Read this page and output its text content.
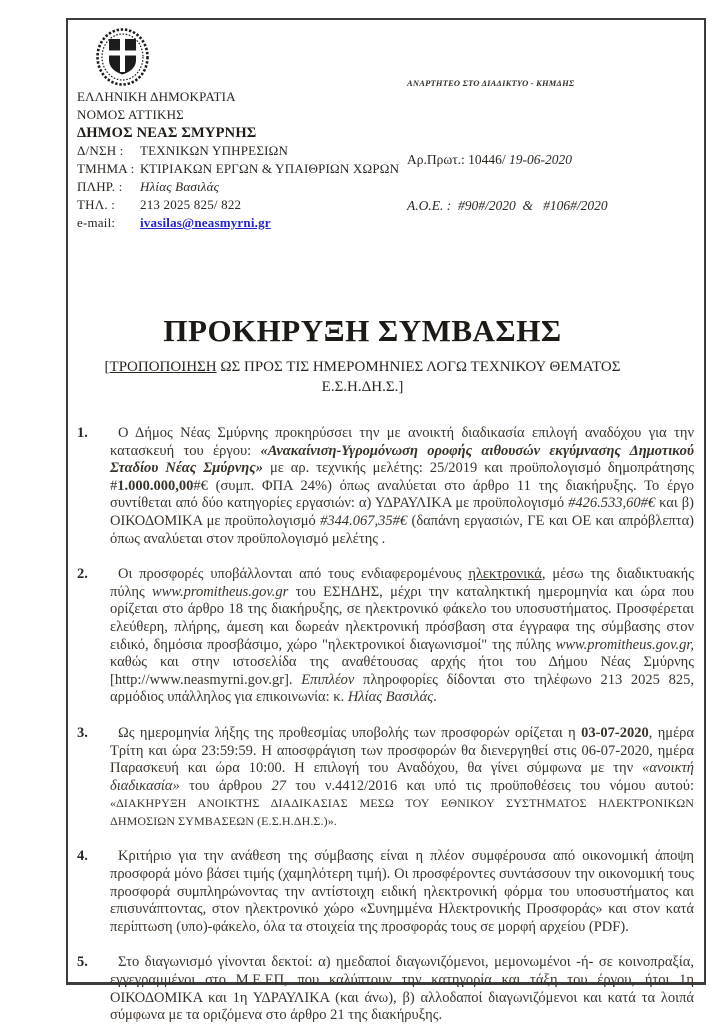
ΕΛΛΗΝΙΚΗ ΔΗΜΟΚΡΑΤΙΑ
ΝΟΜΟΣ ΑΤΤΙΚΗΣ
ΔΗΜΟΣ ΝΕΑΣ ΣΜΥΡΝΗΣ
Δ/ΝΣΗ : ΤΕΧΝΙΚΩΝ ΥΠΗΡΕΣΙΩΝ
ΤΜΗΜΑ : ΚΤΙΡΙΑΚΩΝ ΕΡΓΩΝ & ΥΠΑΙΘΡΙΩΝ ΧΩΡΩΝ
ΠΛΗΡ. : Ηλίας Βασιλάς
ΤΗΛ. : 213 2025 825/ 822
e-mail: ivasilas@neasmyrni.gr
ΑΝΑΡΤΗΤΕΟ ΣΤΟ ΔΙΑΔΙΚΤΥΟ - ΚΗΜΔΗΣ
Αρ.Πρωτ.: 10446/ 19-06-2020
Α.Ο.Ε. :  #90#/2020  &   #106#/2020
ΠΡΟΚΗΡΥΞΗ ΣΥΜΒΑΣΗΣ
[ΤΡΟΠΟΠΟΙΗΣΗ ΩΣ ΠΡΟΣ ΤΙΣ ΗΜΕΡΟΜΗΝΙΕΣ ΛΟΓΩ ΤΕΧΝΙΚΟΥ ΘΕΜΑΤΟΣ Ε.Σ.Η.ΔΗ.Σ.]
1.	Ο Δήμος Νέας Σμύρνης προκηρύσσει την με ανοικτή διαδικασία επιλογή αναδόχου για την κατασκευή του έργου: «Ανακαίνιση-Υγρομόνωση οροφής αιθουσών εκγύμνασης Δημοτικού Σταδίου Νέας Σμύρνης» με αρ. τεχνικής μελέτης: 25/2019 και προϋπολογισμό δημοπράτησης #1.000.000,00#€ (συμπ. ΦΠΑ 24%) όπως αναλύεται στο άρθρο 11 της διακήρυξης. Το έργο συντίθεται από δύο κατηγορίες εργασιών: α) ΥΔΡΑΥΛΙΚΑ με προϋπολογισμό #426.533,60#€ και β) ΟΙΚΟΔΟΜΙΚΑ με προϋπολογισμό #344.067,35#€ (δαπάνη εργασιών, ΓΕ και ΟΕ και απρόβλεπτα) όπως αναλύεται στον προϋπολογισμό μελέτης .
2.	Οι προσφορές υποβάλλονται από τους ενδιαφερομένους ηλεκτρονικά, μέσω της διαδικτυακής πύλης www.promitheus.gov.gr του ΕΣΗΔΗΣ, μέχρι την καταληκτική ημερομηνία και ώρα που ορίζεται στο άρθρο 18 της διακήρυξης, σε ηλεκτρονικό φάκελο του υποσυστήματος. Προσφέρεται ελεύθερη, πλήρης, άμεση και δωρεάν ηλεκτρονική πρόσβαση στα έγγραφα της σύμβασης στον ειδικό, δημόσια προσβάσιμο, χώρο "ηλεκτρονικοί διαγωνισμοί" της πύλης www.promitheus.gov.gr, καθώς και στην ιστοσελίδα της αναθέτουσας αρχής ήτοι του Δήμου Νέας Σμύρνης [http://www.neasmyrni.gov.gr]. Επιπλέον πληροφορίες δίδονται στο τηλέφωνο 213 2025 825, αρμόδιος υπάλληλος για επικοινωνία: κ. Ηλίας Βασιλάς.
3.	Ως ημερομηνία λήξης της προθεσμίας υποβολής των προσφορών ορίζεται η 03-07-2020, ημέρα Τρίτη και ώρα 23:59:59. Η αποσφράγιση των προσφορών θα διενεργηθεί στις 06-07-2020, ημέρα Παρασκευή και ώρα 10:00. Η επιλογή του Αναδόχου, θα γίνει σύμφωνα με την «ανοικτή διαδικασία» του άρθρου 27 του ν.4412/2016 και υπό τις προϋποθέσεις του νόμου αυτού: «ΔΙΑΚΗΡΥΞΗ ΑΝΟΙΚΤΗΣ ΔΙΑΔΙΚΑΣΙΑΣ ΜΕΣΩ ΤΟΥ ΕΘΝΙΚΟΥ ΣΥΣΤΗΜΑΤΟΣ ΗΛΕΚΤΡΟΝΙΚΩΝ ΔΗΜΟΣΙΩΝ ΣΥΜΒΑΣΕΩΝ (Ε.Σ.Η.ΔΗ.Σ.)».
4.	Κριτήριο για την ανάθεση της σύμβασης είναι η πλέον συμφέρουσα από οικονομική άποψη προσφορά μόνο βάσει τιμής (χαμηλότερη τιμή). Οι προσφέροντες συντάσσουν την οικονομική τους προσφορά συμπληρώνοντας την αντίστοιχη ειδική ηλεκτρονική φόρμα του υποσυστήματος και επισυνάπτοντας, στον ηλεκτρονικό χώρο «Συνημμένα Ηλεκτρονικής Προσφοράς» και στον κατά περίπτωση (υπο)-φάκελο, όλα τα στοιχεία της προσφοράς τους σε μορφή αρχείου (PDF).
5.	Στο διαγωνισμό γίνονται δεκτοί: α) ημεδαποί διαγωνιζόμενοι, μεμονωμένοι -ή- σε κοινοπραξία, εγγεγραμμένοι στο Μ.Ε.ΕΠ, που καλύπτουν την κατηγορία και τάξη του έργου, ήτοι 1η ΟΙΚΟΔΟΜΙΚΑ και 1η ΥΔΡΑΥΛΙΚΑ (και άνω), β) αλλοδαποί διαγωνιζόμενοι και κατά τα λοιπά σύμφωνα με τα οριζόμενα στο άρθρο 21 της διακήρυξης.
